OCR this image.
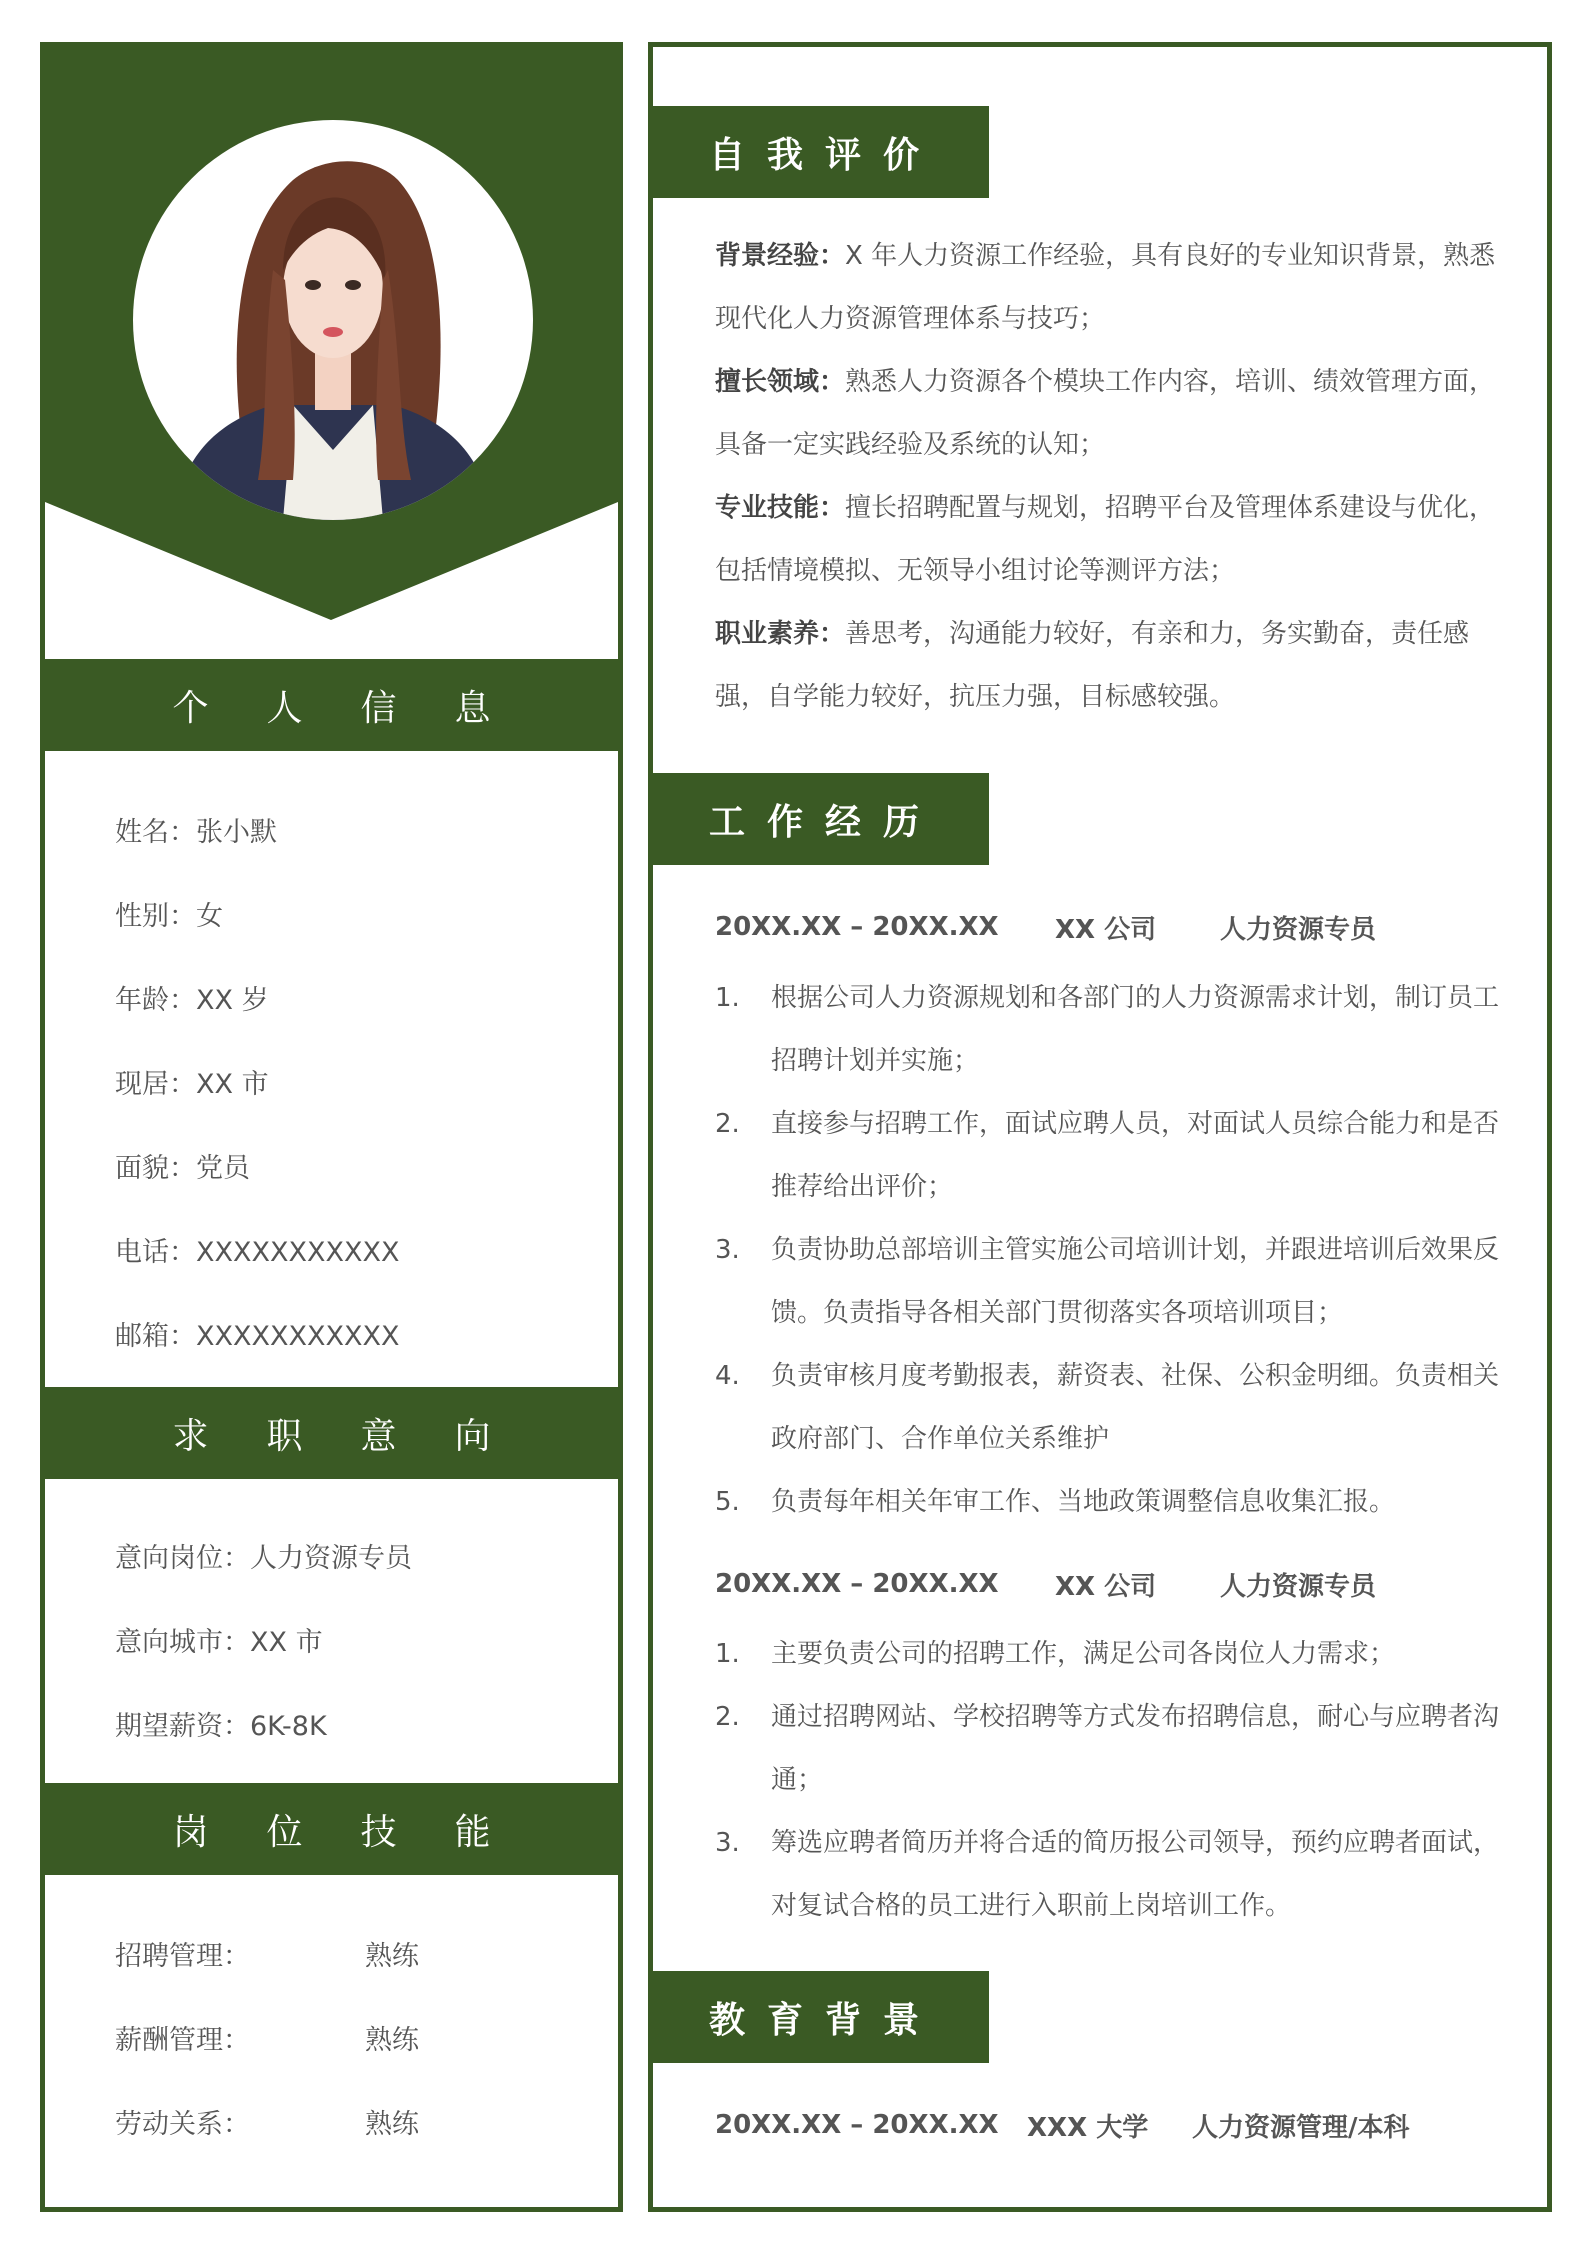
个人信息
姓名：张小默
性别：女
年龄：XX 岁
现居：XX 市
面貌：党员
电话：XXXXXXXXXXX
邮箱：XXXXXXXXXXX
求职意向
意向岗位：人力资源专员
意向城市：XX 市
期望薪资：6K-8K
岗位技能
招聘管理：	熟练
薪酬管理：	熟练
劳动关系：	熟练
自我评价

背景经验：X 年人力资源工作经验，具有良好的专业知识背景，熟悉现代化人力资源管理体系与技巧；

擅长领域：熟悉人力资源各个模块工作内容，培训、绩效管理方面，具备一定实践经验及系统的认知；

专业技能：擅长招聘配置与规划，招聘平台及管理体系建设与优化，包括情境模拟、无领导小组讨论等测评方法；

职业素养：善思考，沟通能力较好，有亲和力，务实勤奋，责任感强，自学能力较好，抗压力强，目标感较强。

工作经历
20XX.XX – 20XX.XX	XX 公司	人力资源专员
1.	根据公司人力资源规划和各部门的人力资源需求计划，制订员工招聘计划并实施；
2.	直接参与招聘工作，面试应聘人员，对面试人员综合能力和是否推荐给出评价；
3.	负责协助总部培训主管实施公司培训计划，并跟进培训后效果反馈。负责指导各相关部门贯彻落实各项培训项目；
4.	负责审核月度考勤报表，薪资表、社保、公积金明细。负责相关政府部门、合作单位关系维护
5.	负责每年相关年审工作、当地政策调整信息收集汇报。
20XX.XX – 20XX.XX	XX 公司	人力资源专员
1.	主要负责公司的招聘工作，满足公司各岗位人力需求；
2.	通过招聘网站、学校招聘等方式发布招聘信息，耐心与应聘者沟通；
3.	筹选应聘者简历并将合适的简历报公司领导，预约应聘者面试，对复试合格的员工进行入职前上岗培训工作。
教育背景
20XX.XX – 20XX.XX	XXX 大学	人力资源管理/本科
